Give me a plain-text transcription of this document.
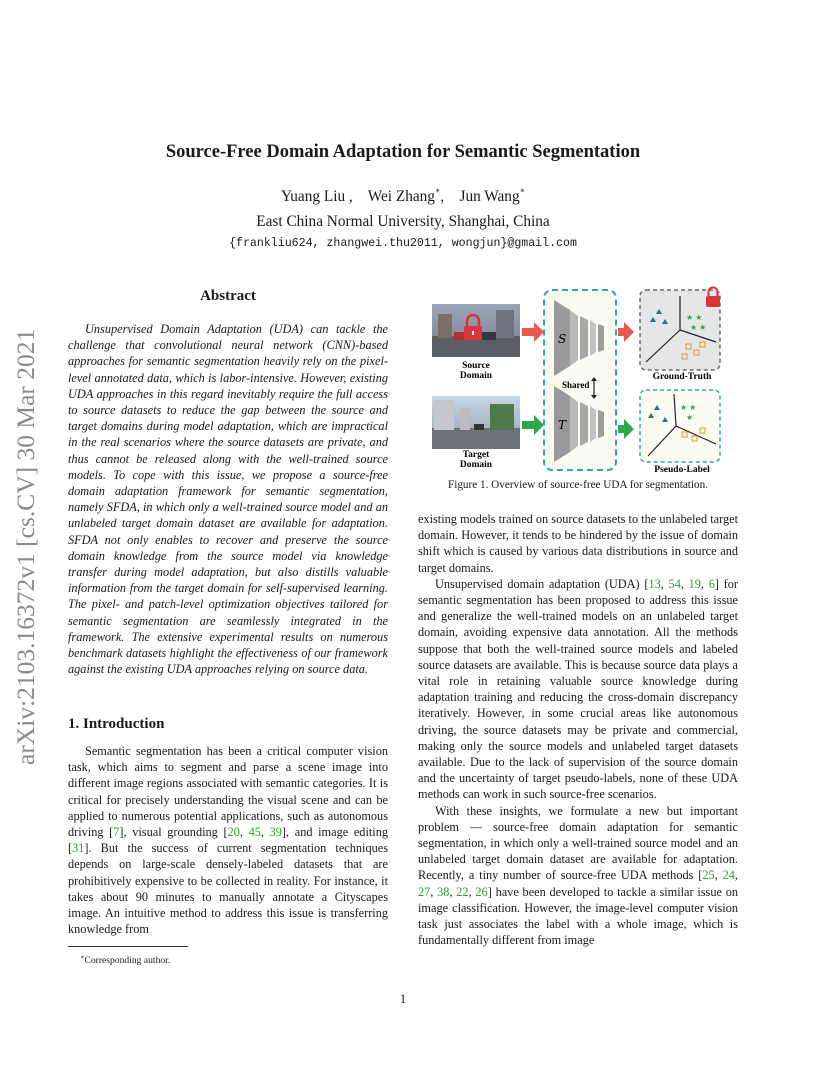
Source-Free Domain Adaptation for Semantic Segmentation
Yuang Liu , Wei Zhang∗, Jun Wang∗
East China Normal University, Shanghai, China
{frankliu624, zhangwei.thu2011, wongjun}@gmail.com
arXiv:2103.16372v1 [cs.CV] 30 Mar 2021
Abstract

Unsupervised Domain Adaptation (UDA) can tackle the challenge that convolutional neural network (CNN)-based approaches for semantic segmentation heavily rely on the pixel-level annotated data, which is labor-intensive. However, existing UDA approaches in this regard inevitably require the full access to source datasets to reduce the gap between the source and target domains during model adaptation, which are impractical in the real scenarios where the source datasets are private, and thus cannot be released along with the well-trained source models. To cope with this issue, we propose a source-free domain adaptation framework for semantic segmentation, namely SFDA, in which only a well-trained source model and an unlabeled target domain dataset are available for adaptation. SFDA not only enables to recover and preserve the source domain knowledge from the source model via knowledge transfer during model adaptation, but also distills valuable information from the target domain for self-supervised learning. The pixel- and patch-level optimization objectives tailored for semantic segmentation are seamlessly integrated in the framework. The extensive experimental results on numerous benchmark datasets highlight the effectiveness of our framework against the existing UDA approaches relying on source data.

1. Introduction

Semantic segmentation has been a critical computer vision task, which aims to segment and parse a scene image into different image regions associated with semantic categories. It is critical for precisely understanding the visual scene and can be applied to numerous potential applications, such as autonomous driving [7], visual grounding [20, 45, 39], and image editing [31]. But the success of current segmentation techniques depends on large-scale densely-labeled datasets that are prohibitively expensive to be collected in reality. For instance, it takes about 90 minutes to manually annotate a Cityscapes image. An intuitive method to address this issue is transferring knowledge from

∗Corresponding author.
Source
Domain
Target
Domain
S
Shared
T
★ ★
★ ★
Ground-Truth
★ ★
★
Pseudo-Label
Figure 1. Overview of source-free UDA for segmentation.

existing models trained on source datasets to the unlabeled target domain. However, it tends to be hindered by the issue of domain shift which is caused by various data distributions in source and target domains.

Unsupervised domain adaptation (UDA) [13, 54, 19, 6] for semantic segmentation has been proposed to address this issue and generalize the well-trained models on an unlabeled target domain, avoiding expensive data annotation. All the methods suppose that both the well-trained source models and labeled source datasets are available. This is because source data plays a vital role in retaining valuable source knowledge during adaptation training and reducing the cross-domain discrepancy iteratively. However, in some crucial areas like autonomous driving, the source datasets may be private and commercial, making only the source models and unlabeled target datasets available. Due to the lack of supervision of the source domain and the uncertainty of target pseudo-labels, none of these UDA methods can work in such source-free scenarios.

With these insights, we formulate a new but important problem — source-free domain adaptation for semantic segmentation, in which only a well-trained source model and an unlabeled target domain dataset are available for adaptation. Recently, a tiny number of source-free UDA methods [25, 24, 27, 38, 22, 26] have been developed to tackle a similar issue on image classification. However, the image-level computer vision task just associates the label with a whole image, which is fundamentally different from image

1
